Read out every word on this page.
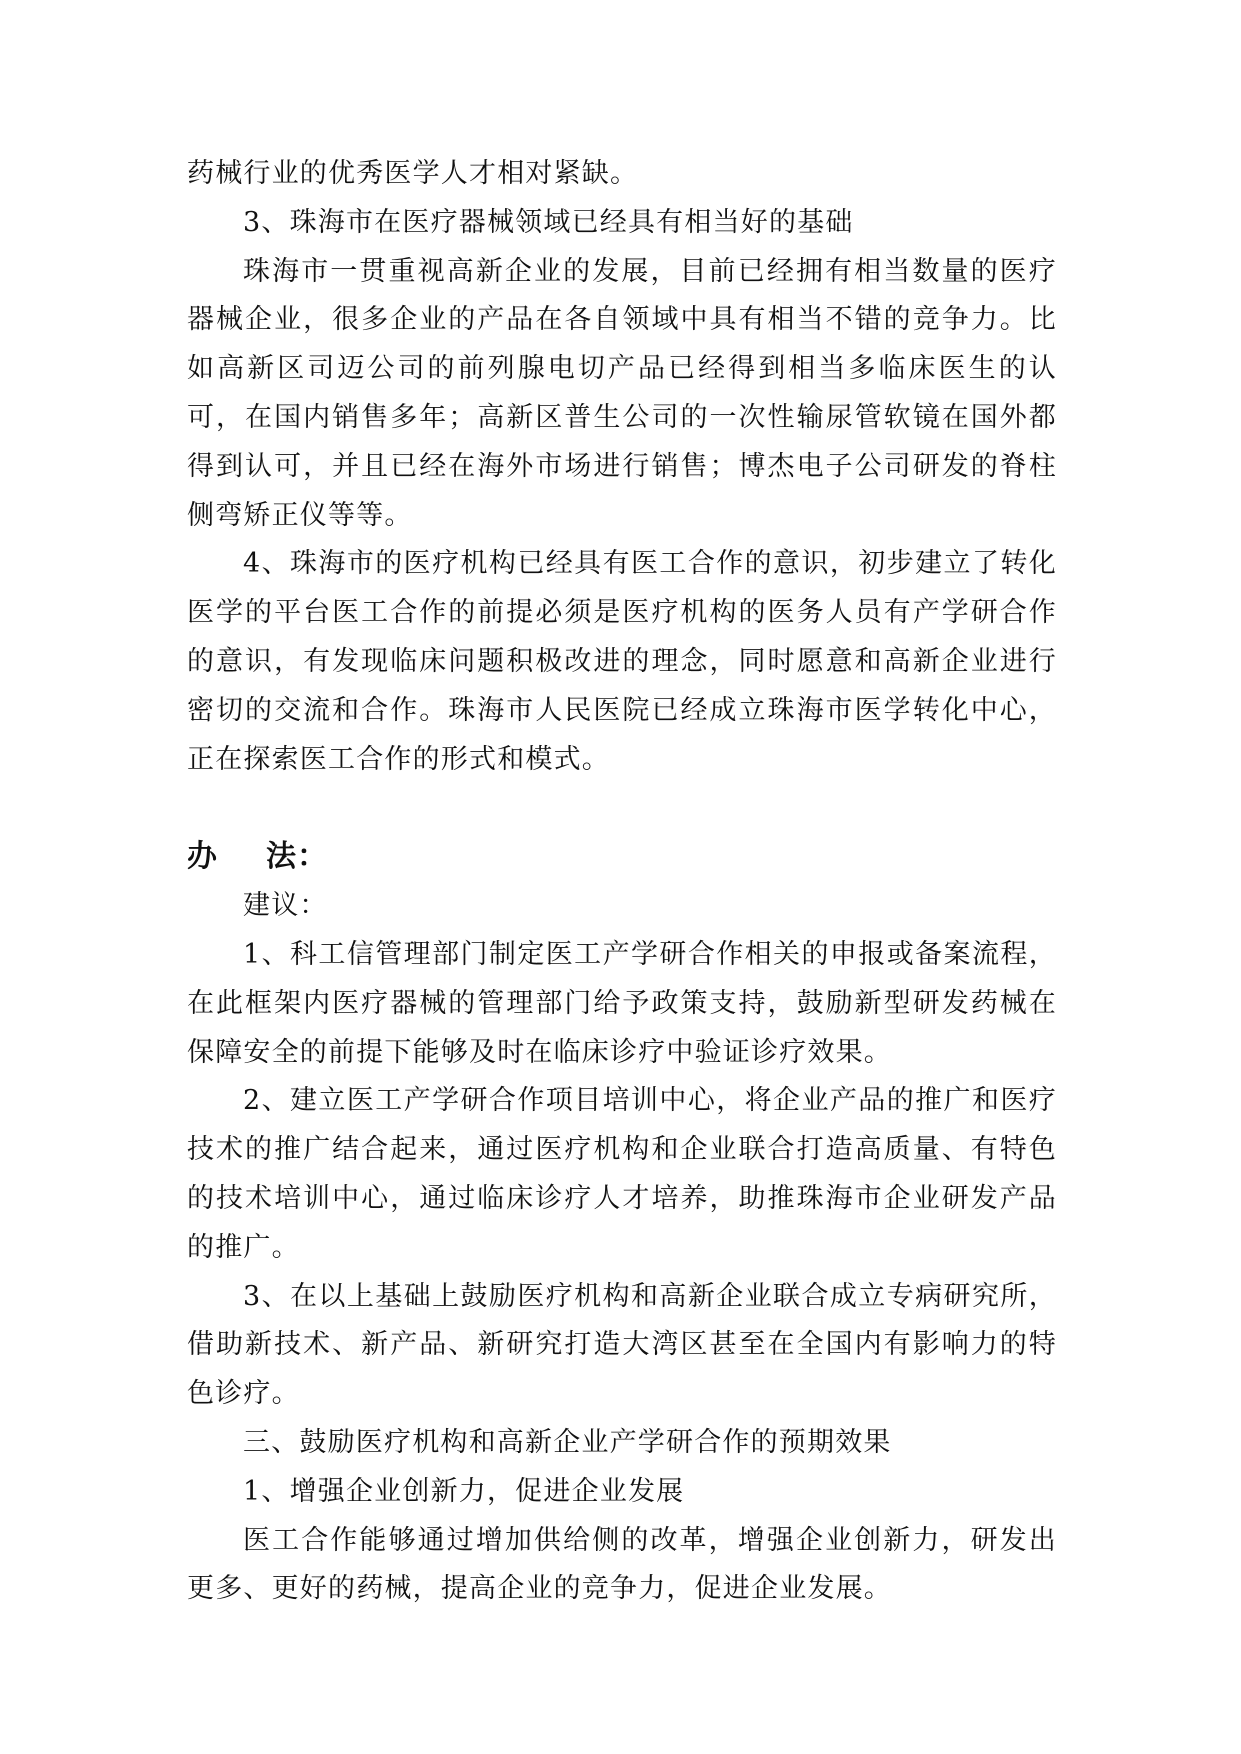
药械行业的优秀医学人才相对紧缺。

3、珠海市在医疗器械领域已经具有相当好的基础

珠海市一贯重视高新企业的发展，目前已经拥有相当数量的医疗器械企业，很多企业的产品在各自领域中具有相当不错的竞争力。比如高新区司迈公司的前列腺电切产品已经得到相当多临床医生的认可，在国内销售多年；高新区普生公司的一次性输尿管软镜在国外都得到认可，并且已经在海外市场进行销售；博杰电子公司研发的脊柱侧弯矫正仪等等。

4、珠海市的医疗机构已经具有医工合作的意识，初步建立了转化医学的平台医工合作的前提必须是医疗机构的医务人员有产学研合作的意识，有发现临床问题积极改进的理念，同时愿意和高新企业进行密切的交流和合作。珠海市人民医院已经成立珠海市医学转化中心，正在探索医工合作的形式和模式。

办 法：

建议：

1、科工信管理部门制定医工产学研合作相关的申报或备案流程，在此框架内医疗器械的管理部门给予政策支持，鼓励新型研发药械在保障安全的前提下能够及时在临床诊疗中验证诊疗效果。

2、建立医工产学研合作项目培训中心，将企业产品的推广和医疗技术的推广结合起来，通过医疗机构和企业联合打造高质量、有特色的技术培训中心，通过临床诊疗人才培养，助推珠海市企业研发产品的推广。

3、在以上基础上鼓励医疗机构和高新企业联合成立专病研究所，借助新技术、新产品、新研究打造大湾区甚至在全国内有影响力的特色诊疗。

三、鼓励医疗机构和高新企业产学研合作的预期效果

1、增强企业创新力，促进企业发展

医工合作能够通过增加供给侧的改革，增强企业创新力，研发出更多、更好的药械，提高企业的竞争力，促进企业发展。
